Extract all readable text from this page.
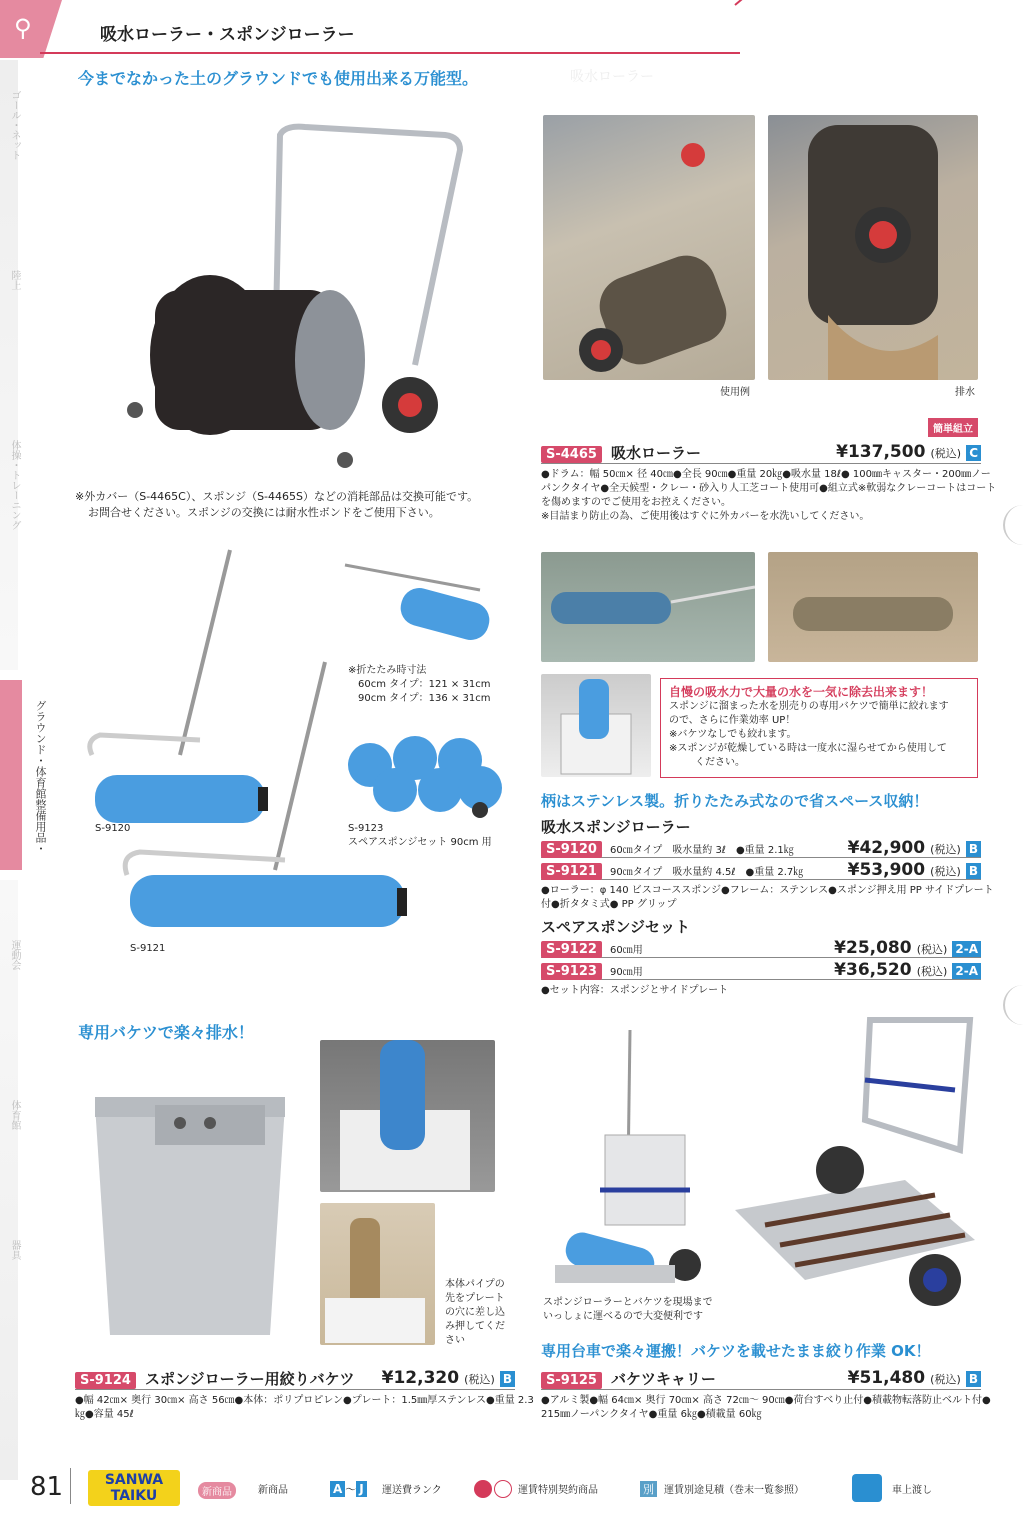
⚲	吸水ローラー・スポンジローラー
ゴール・ネット
陸上
体操・トレーニング
グラウンド・体育館整備用品・
運動会
体育館
器具
今までなかった土のグラウンドでも使用出来る万能型。
※外カバー（S-4465C）、スポンジ（S-4465S）などの消耗部品は交換可能です。
お問合せください。スポンジの交換には耐水性ボンドをご使用下さい。
吸水ローラー
使用例	排水
簡単組立
S-4465 吸水ローラー	¥137,500 (税込) C
●ドラム：幅 50㎝× 径 40㎝●全長 90㎝●重量 20㎏●吸水量 18ℓ● 100㎜キャスター・200㎜ノー
パンクタイヤ●全天候型・クレー・砂入り人工芝コート使用可●組立式※軟弱なクレーコートはコート
を傷めますのでご使用をお控えください。
※目詰まり防止の為、ご使用後はすぐに外カバーを水洗いしてください。
S-9120
S-9121
※折たたみ時寸法
60cm タイプ：121 × 31cm
90cm タイプ：136 × 31cm
S-9123
スペアスポンジセット 90cm 用
自慢の吸水力で大量の水を一気に除去出来ます！
スポンジに溜まった水を別売りの専用バケツで簡単に絞れます
ので、さらに作業効率 UP！
※バケツなしでも絞れます。
※スポンジが乾燥している時は一度水に湿らせてから使用して
ください。
柄はステンレス製。折りたたみ式なので省スペース収納！
吸水スポンジローラー
S-9120 60㎝タイプ　吸水量約 3ℓ　●重量 2.1㎏	¥42,900 (税込) B
S-9121 90㎝タイプ　吸水量約 4.5ℓ　●重量 2.7㎏	¥53,900 (税込) B
●ローラー：φ 140 ビスコーススポンジ●フレーム：ステンレス●スポンジ押え用 PP サイドプレート
付●折タタミ式● PP グリップ
スペアスポンジセット
S-9122 60㎝用	¥25,080 (税込) 2-A
S-9123 90㎝用	¥36,520 (税込) 2-A
●セット内容：スポンジとサイドプレート
専用バケツで楽々排水！
本体パイプの
先をプレート
の穴に差し込
み押してくだ
さい
S-9124 スポンジローラー用絞りバケツ ¥12,320 (税込) B
●幅 42㎝× 奥行 30㎝× 高さ 56㎝●本体：ポリプロピレン●プレート：1.5㎜厚ステンレス●重量 2.3
㎏●容量 45ℓ
スポンジローラーとバケツを現場まで
いっしょに運べるので大変便利です
専用台車で楽々運搬！バケツを載せたまま絞り作業 OK！
S-9125 バケツキャリー	¥51,480 (税込) B
●アルミ製●幅 64㎝× 奥行 70㎝× 高さ 72㎝～ 90㎝●荷台すべり止付●積載物転落防止ベルト付●
215㎜ノーパンクタイヤ●重量 6㎏●積載量 60㎏
81	SANWA
TAIKU	新商品	新商品	A ～ J	運送費ランク	運賃特別契約商品	別	運賃別途見積（巻末一覧参照）	車上渡し
